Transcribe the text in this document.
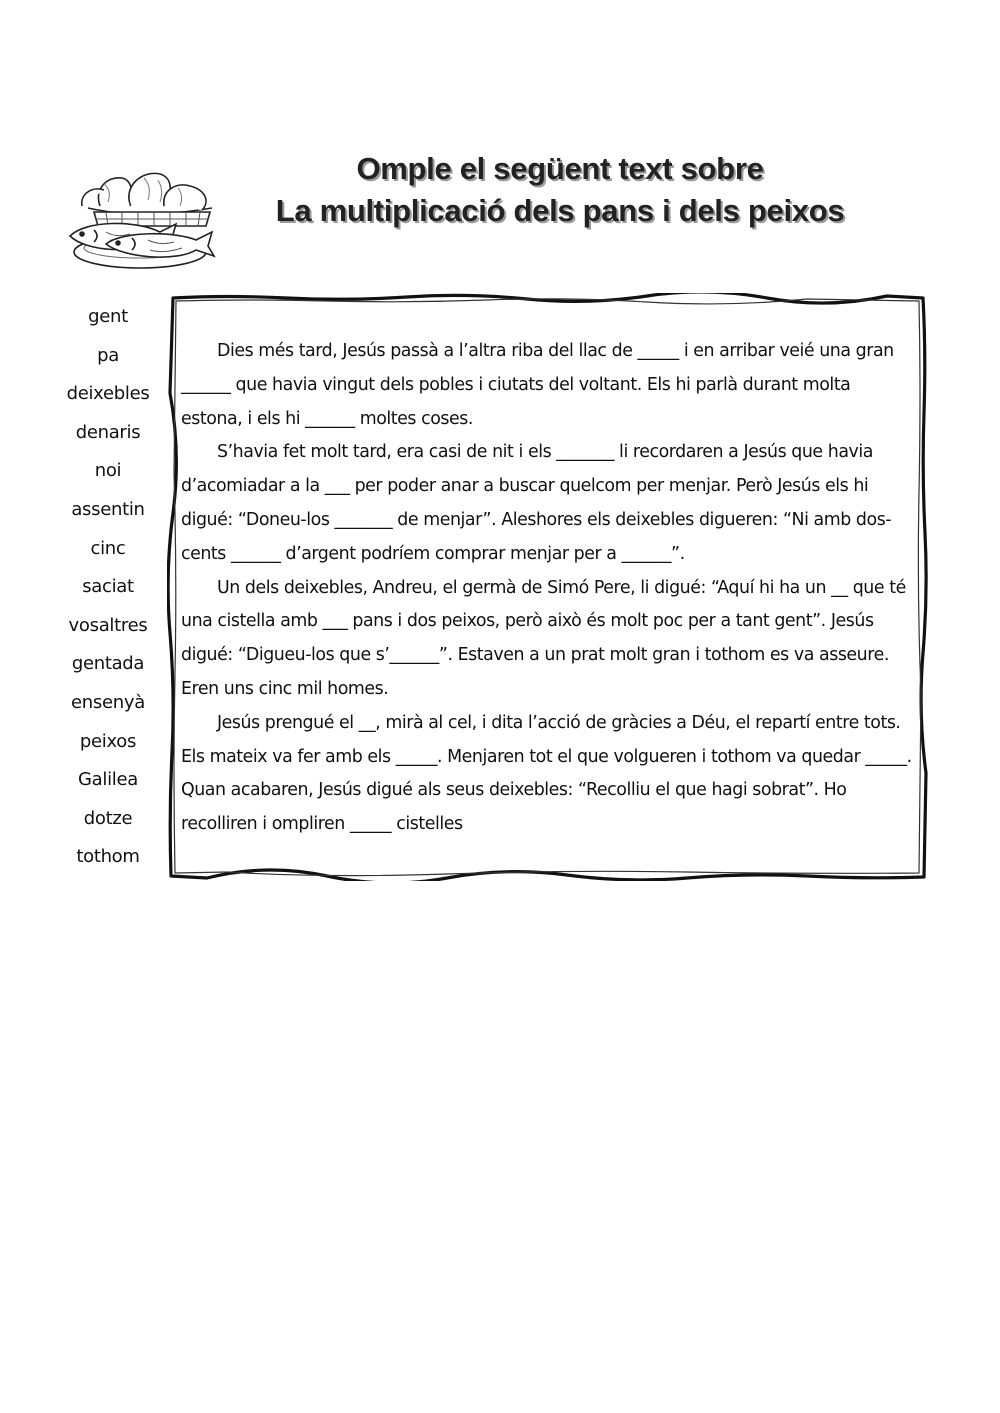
Omple el següent text sobre
La multiplicació dels pans i dels peixos
gent
pa
deixebles
denaris
noi
assentin
cinc
saciat
vosaltres
gentada
ensenyà
peixos
Galilea
dotze
tothom

Dies més tard, Jesús passà a l’altra riba del llac de _____ i en arribar veié una gran ______ que havia vingut dels pobles i ciutats del voltant. Els hi parlà durant molta estona, i els hi ______ moltes coses.

S’havia fet molt tard, era casi de nit i els _______ li recordaren a Jesús que havia d’acomiadar a la ___ per poder anar a buscar quelcom per menjar. Però Jesús els hi digué: “Doneu-los _______ de menjar”. Aleshores els deixebles digueren: “Ni amb dos-cents ______ d’argent podríem comprar menjar per a ______”.

Un dels deixebles, Andreu, el germà de Simó Pere, li digué: “Aquí hi ha un __ que té una cistella amb ___ pans i dos peixos, però això és molt poc per a tant gent”. Jesús digué: “Digueu-los que s’______”. Estaven a un prat molt gran i tothom es va asseure. Eren uns cinc mil homes.

Jesús prengué el __, mirà al cel, i dita l’acció de gràcies a Déu, el repartí entre tots. Els mateix va fer amb els _____. Menjaren tot el que volgueren i tothom va quedar _____. Quan acabaren, Jesús digué als seus deixebles: “Recolliu el que hagi sobrat”. Ho recolliren i ompliren _____ cistelles
